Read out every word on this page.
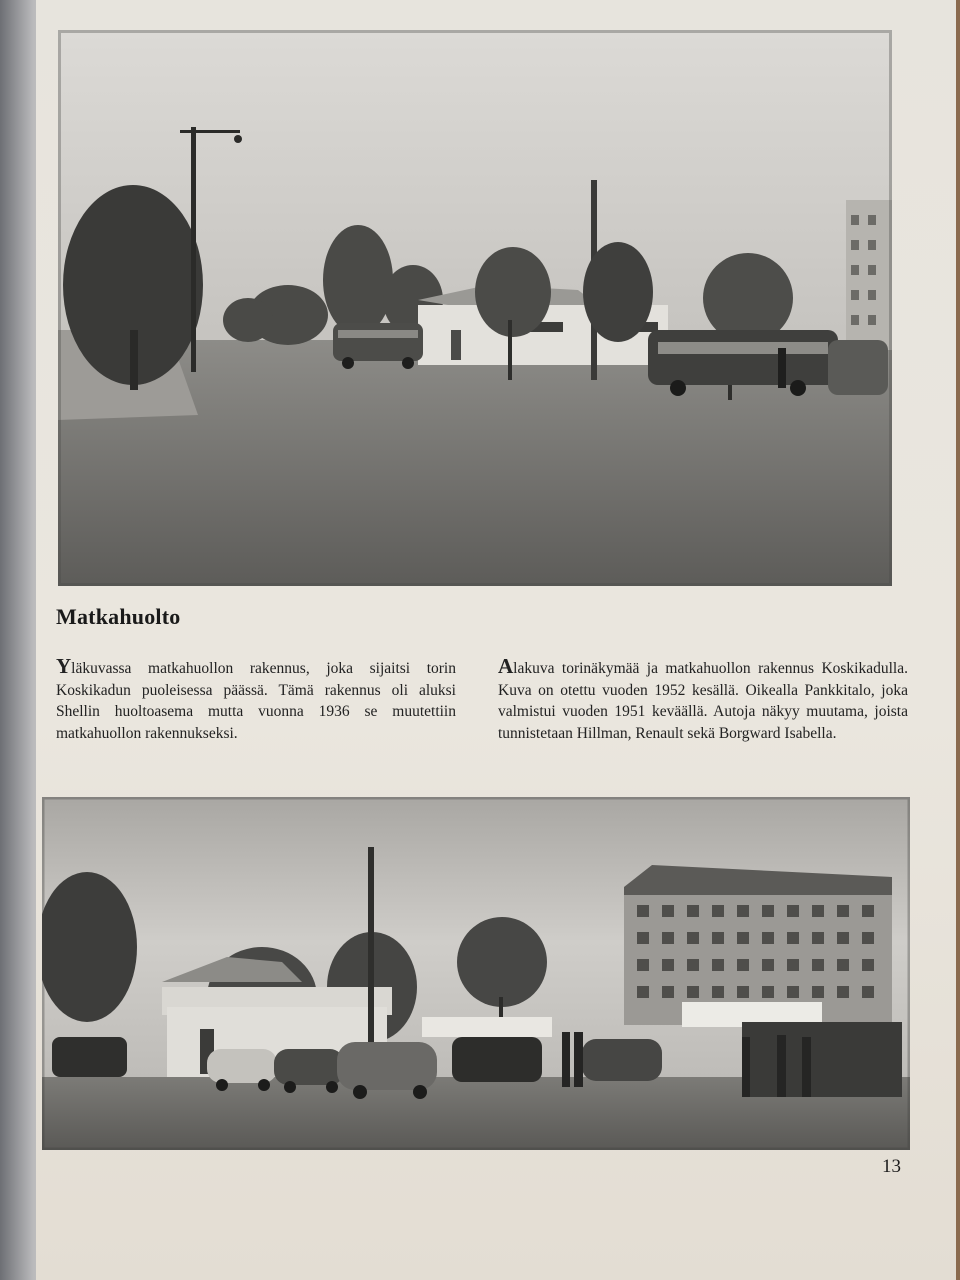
Matkahuolto
Yläkuvassa matkahuollon rakennus, joka sijaitsi torin Koskikadun puoleisessa päässä. Tämä rakennus oli aluksi Shellin huoltoasema mutta vuonna 1936 se muutettiin matkahuollon rakennukseksi.
Alakuva torinäkymää ja matkahuollon rakennus Koskikadulla. Kuva on otettu vuoden 1952 kesällä. Oikealla Pankkitalo, joka valmistui vuoden 1951 keväällä. Autoja näkyy muutama, joista tunnistetaan Hillman, Renault sekä Borgward Isabella.
13
